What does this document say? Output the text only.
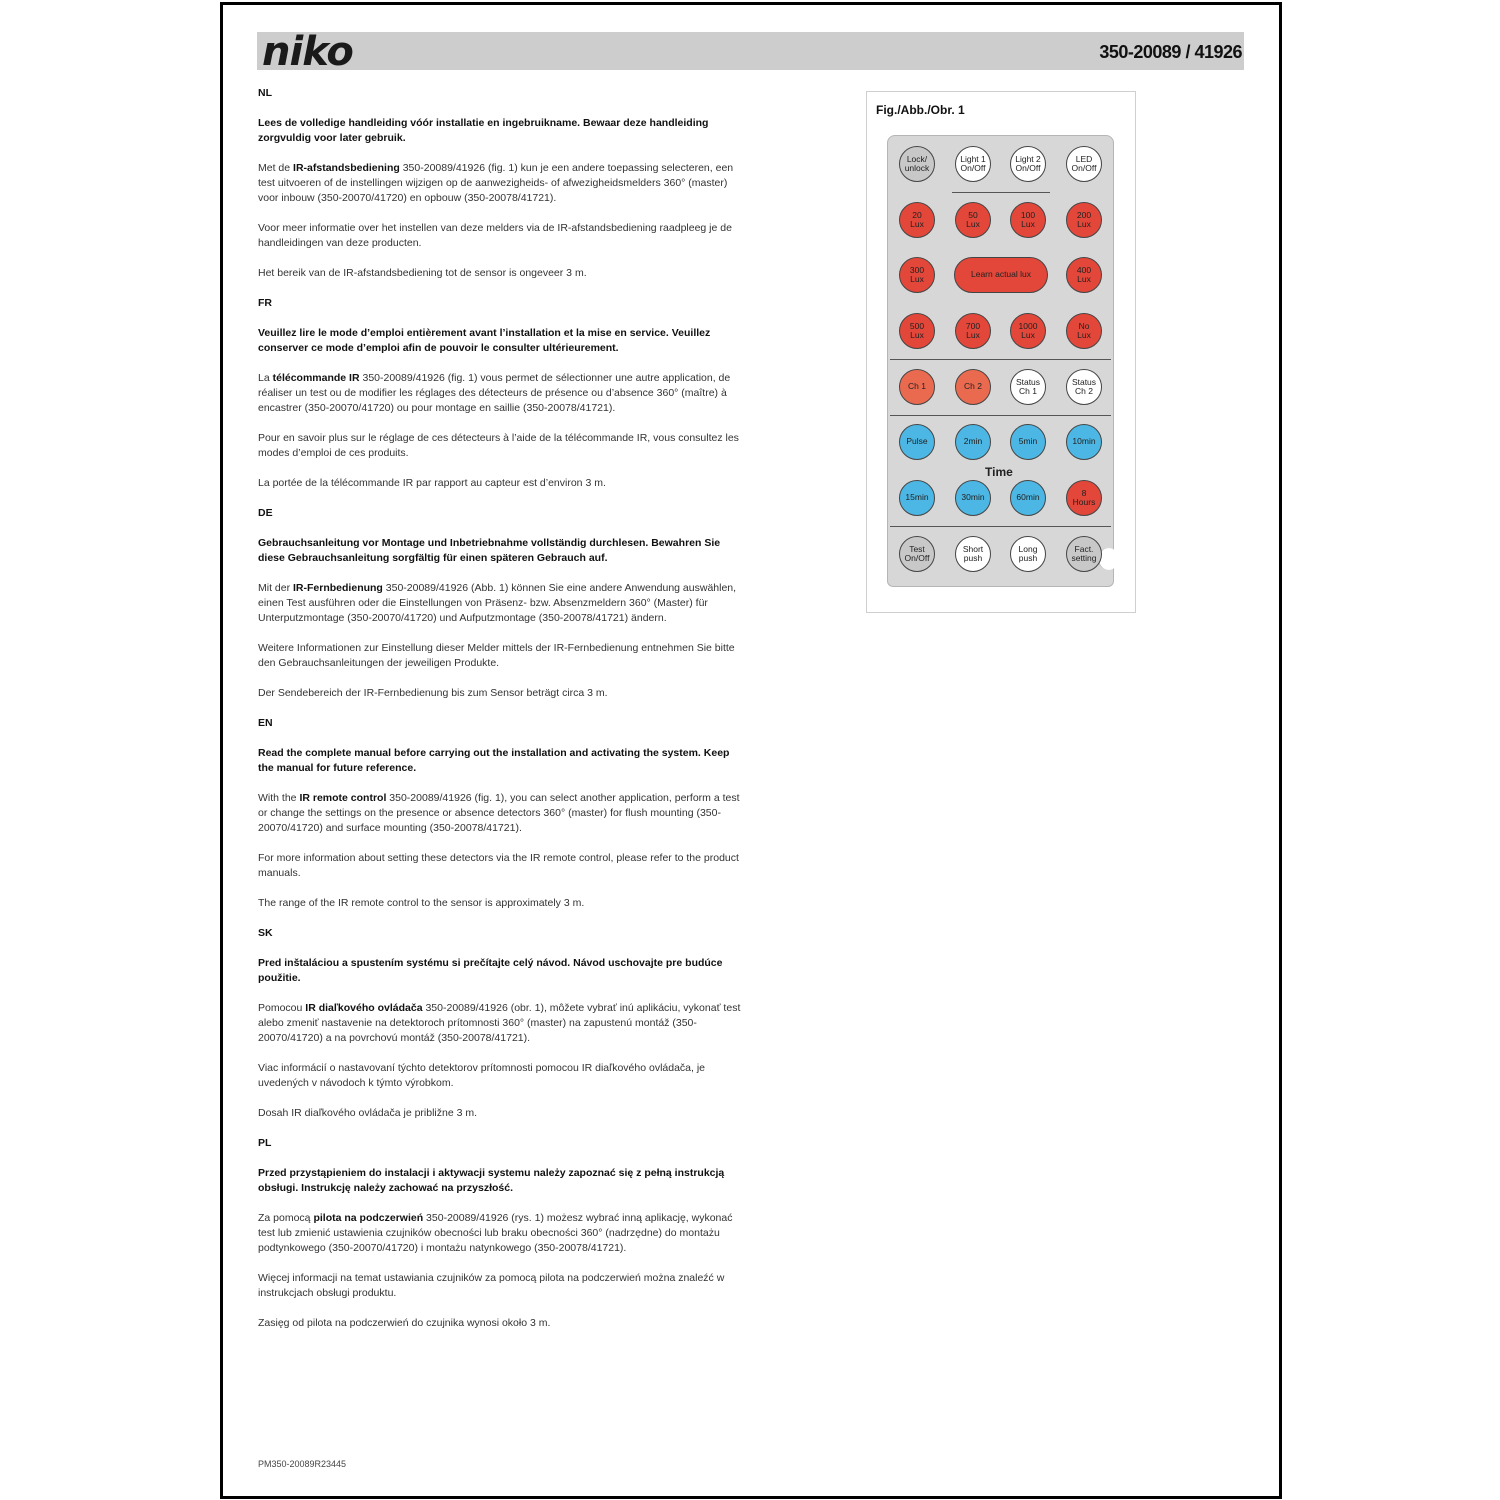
niko	350-20089 / 41926
NL
Lees de volledige handleiding vóór installatie en ingebruikname. Bewaar deze handleiding zorgvuldig voor later gebruik.
Met de IR-afstandsbediening 350-20089/41926 (fig. 1) kun je een andere toepassing selecteren, een test uitvoeren of de instellingen wijzigen op de aanwezigheids- of afwezigheidsmelders 360° (master) voor inbouw (350-20070/41720) en opbouw (350-20078/41721).
Voor meer informatie over het instellen van deze melders via de IR-afstandsbediening raadpleeg je de handleidingen van deze producten.
Het bereik van de IR-afstandsbediening tot de sensor is ongeveer 3 m.
FR
Veuillez lire le mode d’emploi entièrement avant l’installation et la mise en service. Veuillez conserver ce mode d’emploi afin de pouvoir le consulter ultérieurement.
La télécommande IR 350-20089/41926 (fig. 1) vous permet de sélectionner une autre application, de réaliser un test ou de modifier les réglages des détecteurs de présence ou d’absence 360° (maître) à encastrer (350-20070/41720) ou pour montage en saillie (350-20078/41721).
Pour en savoir plus sur le réglage de ces détecteurs à l’aide de la télécommande IR, vous consultez les modes d’emploi de ces produits.
La portée de la télécommande IR par rapport au capteur est d’environ 3 m.
DE
Gebrauchsanleitung vor Montage und Inbetriebnahme vollständig durchlesen. Bewahren Sie diese Gebrauchsanleitung sorgfältig für einen späteren Gebrauch auf.
Mit der IR-Fernbedienung 350-20089/41926 (Abb. 1) können Sie eine andere Anwendung auswählen, einen Test ausführen oder die Einstellungen von Präsenz- bzw. Absenzmeldern 360° (Master) für Unterputzmontage (350-20070/41720) und Aufputzmontage (350-20078/41721) ändern.
Weitere Informationen zur Einstellung dieser Melder mittels der IR-Fernbedienung entnehmen Sie bitte den Gebrauchsanleitungen der jeweiligen Produkte.
Der Sendebereich der IR-Fernbedienung bis zum Sensor beträgt circa 3 m.
EN
Read the complete manual before carrying out the installation and activating the system. Keep the manual for future reference.
With the IR remote control 350-20089/41926 (fig. 1), you can select another application, perform a test or change the settings on the presence or absence detectors 360° (master) for flush mounting (350-20070/41720) and surface mounting (350-20078/41721).
For more information about setting these detectors via the IR remote control, please refer to the product manuals.
The range of the IR remote control to the sensor is approximately 3 m.
SK
Pred inštaláciou a spustením systému si prečítajte celý návod. Návod uschovajte pre budúce použitie.
Pomocou IR diaľkového ovládača 350-20089/41926 (obr. 1), môžete vybrať inú aplikáciu, vykonať test alebo zmeniť nastavenie na detektoroch prítomnosti 360° (master) na zapustenú montáž (350-20070/41720) a na povrchovú montáž (350-20078/41721).
Viac informácií o nastavovaní týchto detektorov prítomnosti pomocou IR diaľkového ovládača, je uvedených v návodoch k týmto výrobkom.
Dosah IR diaľkového ovládača je približne 3 m.
PL
Przed przystąpieniem do instalacji i aktywacji systemu należy zapoznać się z pełną instrukcją obsługi. Instrukcję należy zachować na przyszłość.
Za pomocą pilota na podczerwień 350-20089/41926 (rys. 1) możesz wybrać inną aplikację, wykonać test lub zmienić ustawienia czujników obecności lub braku obecności 360° (nadrzędne) do montażu podtynkowego (350-20070/41720) i montażu natynkowego (350-20078/41721).
Więcej informacji na temat ustawiania czujników za pomocą pilota na podczerwień można znaleźć w instrukcjach obsługi produktu.
Zasięg od pilota na podczerwień do czujnika wynosi około 3 m.
PM350-20089R23445
Fig./Abb./Obr. 1
Lock/
unlock
Light 1
On/Off
Light 2
On/Off
LED
On/Off
20
Lux
50
Lux
100
Lux
200
Lux
300
Lux	Learn actual lux	400
Lux
500
Lux
700
Lux
1000
Lux
No
Lux
Ch 1	Ch 2	Status
Ch 1
Status
Ch 2
Pulse	2min	5min	10min
Time
15min	30min	60min	8
Hours
Test
On/Off
Short
push
Long
push
Fact.
setting
